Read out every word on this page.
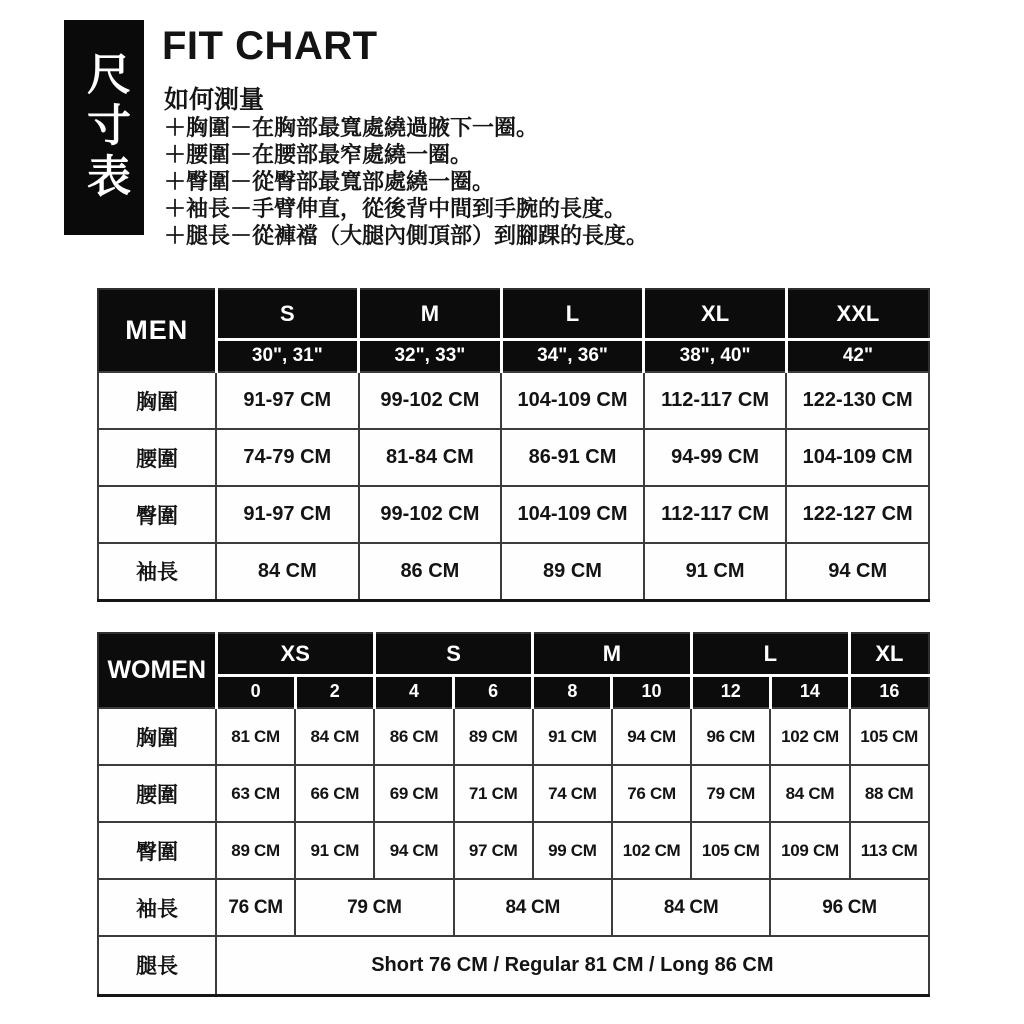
尺寸表
FIT CHART
如何測量
＋胸圍－在胸部最寬處繞過腋下一圈。
＋腰圍－在腰部最窄處繞一圈。
＋臀圍－從臀部最寬部處繞一圈。
＋袖長－手臂伸直，從後背中間到手腕的長度。
＋腿長－從褲襠（大腿內側頂部）到腳踝的長度。
MEN	S	M	L	XL	XXL
	30", 31"	32", 33"	34", 36"	38", 40"	42"
胸圍	91-97 CM	99-102 CM	104-109 CM	112-117 CM	122-130 CM
腰圍	74-79 CM	81-84 CM	86-91 CM	94-99 CM	104-109 CM
臀圍	91-97 CM	99-102 CM	104-109 CM	112-117 CM	122-127 CM
袖長	84 CM	86 CM	89 CM	91 CM	94 CM
WOMEN	XS		S		M		L		XL
	0	2	4	6	8	10	12	14	16
胸圍	81 CM	84 CM	86 CM	89 CM	91 CM	94 CM	96 CM	102 CM	105 CM
腰圍	63 CM	66 CM	69 CM	71 CM	74 CM	76 CM	79 CM	84 CM	88 CM
臀圍	89 CM	91 CM	94 CM	97 CM	99 CM	102 CM	105 CM	109 CM	113 CM
袖長	76 CM	79 CM		84 CM		84 CM		96 CM	
腿長	Short 76 CM / Regular 81 CM / Long 86 CM								
